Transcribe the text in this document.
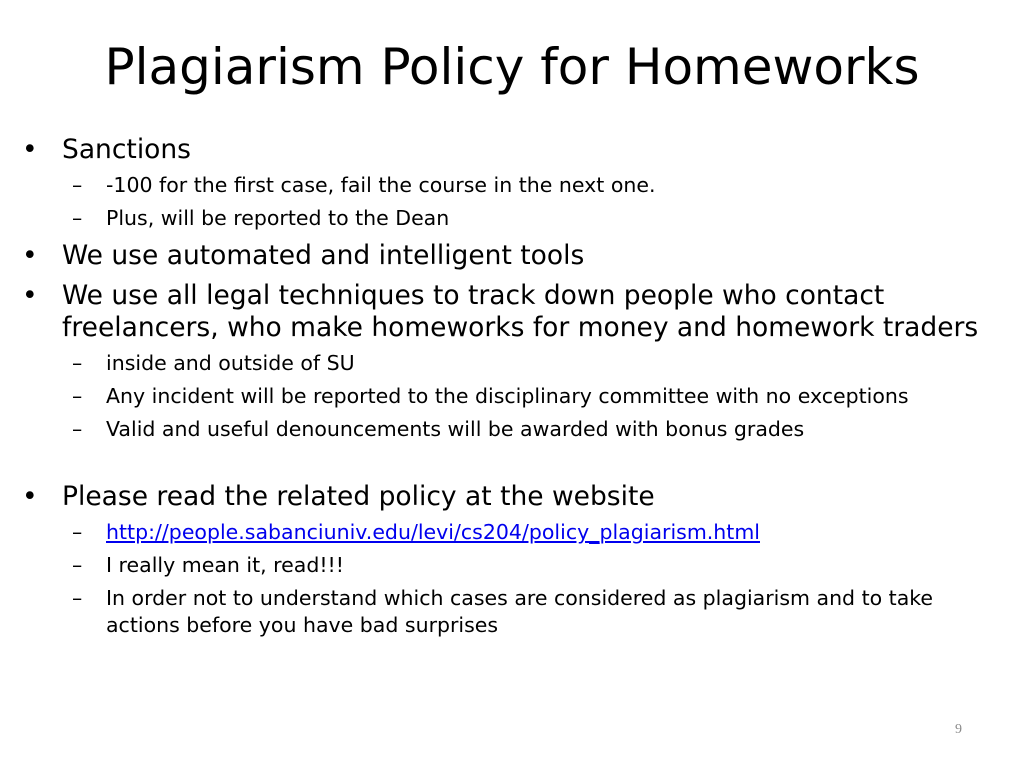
Plagiarism Policy for Homeworks
• Sanctions
– -100 for the first case, fail the course in the next one.
– Plus, will be reported to the Dean
• We use automated and intelligent tools
• We use all legal techniques to track down people who contact freelancers, who make homeworks for money and homework traders
– inside and outside of SU
– Any incident will be reported to the disciplinary committee with no exceptions
– Valid and useful denouncements will be awarded with bonus grades
• Please read the related policy at the website
– http://people.sabanciuniv.edu/levi/cs204/policy_plagiarism.html
– I really mean it, read!!!
– In order not to understand which cases are considered as plagiarism and to take actions before you have bad surprises
9
